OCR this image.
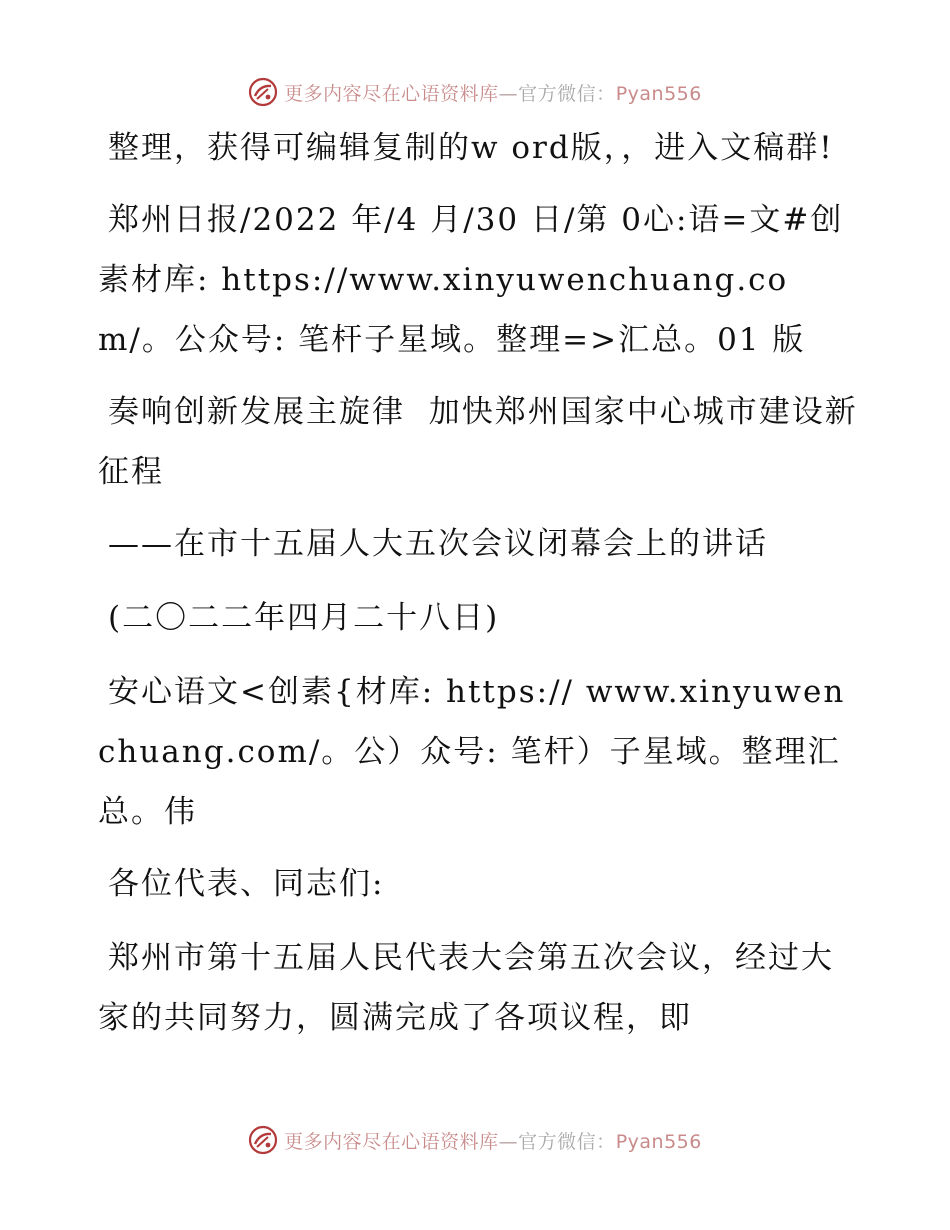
更多内容尽在心语资料库—官方微信：Pyan556

整理，获得可编辑复制的w ord版，，进入文稿群!

郑州日报/2022 年/4 月/30 日/第 0心:语=文#创素材库: https://www.xinyuwenchuang.com/。公众号: 笔杆子星域。整理=>汇总。01 版

奏响创新发展主旋律  加快郑州国家中心城市建设新征程

——在市十五届人大五次会议闭幕会上的讲话

(二〇二二年四月二十八日)

安心语文<创素{材库: https:// www.xinyuwenchuang.com/。公）众号: 笔杆）子星域。整理汇总。伟

各位代表、同志们:

郑州市第十五届人民代表大会第五次会议，经过大家的共同努力，圆满完成了各项议程，即

更多内容尽在心语资料库—官方微信：Pyan556
